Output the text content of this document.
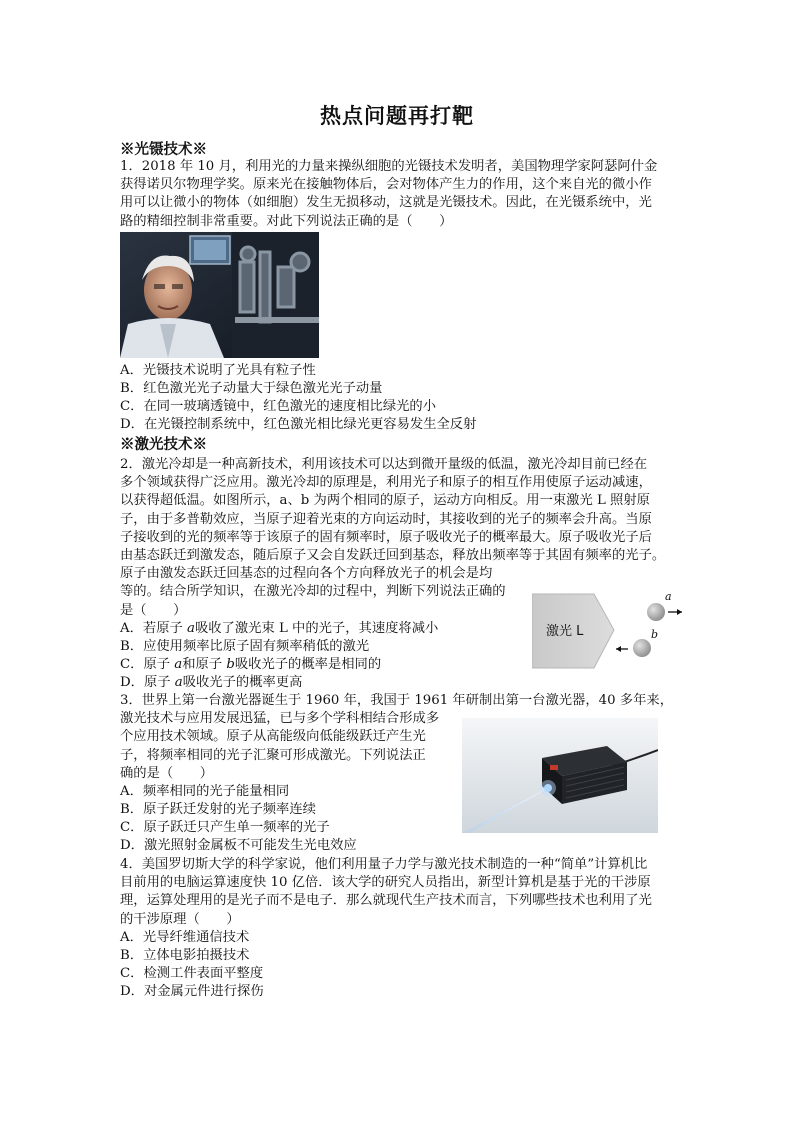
热点问题再打靶
※光镊技术※
1．2018 年 10 月，利用光的力量来操纵细胞的光镊技术发明者，美国物理学家阿瑟阿什金
获得诺贝尔物理学奖。原来光在接触物体后，会对物体产生力的作用，这个来自光的微小作
用可以让微小的物体（如细胞）发生无损移动，这就是光镊技术。因此，在光镊系统中，光
路的精细控制非常重要。对此下列说法正确的是（　　）
A．光镊技术说明了光具有粒子性
B．红色激光光子动量大于绿色激光光子动量
C．在同一玻璃透镜中，红色激光的速度相比绿光的小
D．在光镊控制系统中，红色激光相比绿光更容易发生全反射
※激光技术※
2．激光冷却是一种高新技术，利用该技术可以达到微开量级的低温，激光冷却目前已经在
多个领域获得广泛应用。激光冷却的原理是，利用光子和原子的相互作用使原子运动减速，
以获得超低温。如图所示，a、b 为两个相同的原子，运动方向相反。用一束激光 L 照射原
子，由于多普勒效应，当原子迎着光束的方向运动时，其接收到的光子的频率会升高。当原
子接收到的光的频率等于该原子的固有频率时，原子吸收光子的概率最大。原子吸收光子后
由基态跃迁到激发态，随后原子又会自发跃迁回到基态，释放出频率等于其固有频率的光子。
原子由激发态跃迁回基态的过程向各个方向释放光子的机会是均
等的。结合所学知识，在激光冷却的过程中，判断下列说法正确的
是（　　）
激光 L
a
b
A．若原子 a吸收了激光束 L 中的光子，其速度将减小
B．应使用频率比原子固有频率稍低的激光
C．原子 a和原子 b吸收光子的概率是相同的
D．原子 a吸收光子的概率更高
3．世界上第一台激光器诞生于 1960 年，我国于 1961 年研制出第一台激光器，40 多年来，
激光技术与应用发展迅猛，已与多个学科相结合形成多
个应用技术领域。原子从高能级向低能级跃迁产生光
子，将频率相同的光子汇聚可形成激光。下列说法正
确的是（　　）
A．频率相同的光子能量相同
B．原子跃迁发射的光子频率连续
C．原子跃迁只产生单一频率的光子
D．激光照射金属板不可能发生光电效应
4．美国罗切斯大学的科学家说，他们利用量子力学与激光技术制造的一种“简单”计算机比
目前用的电脑运算速度快 10 亿倍．该大学的研究人员指出，新型计算机是基于光的干涉原
理，运算处理用的是光子而不是电子．那么就现代生产技术而言，下列哪些技术也利用了光
的干涉原理（　　）
A．光导纤维通信技术
B．立体电影拍摄技术
C．检测工件表面平整度
D．对金属元件进行探伤
